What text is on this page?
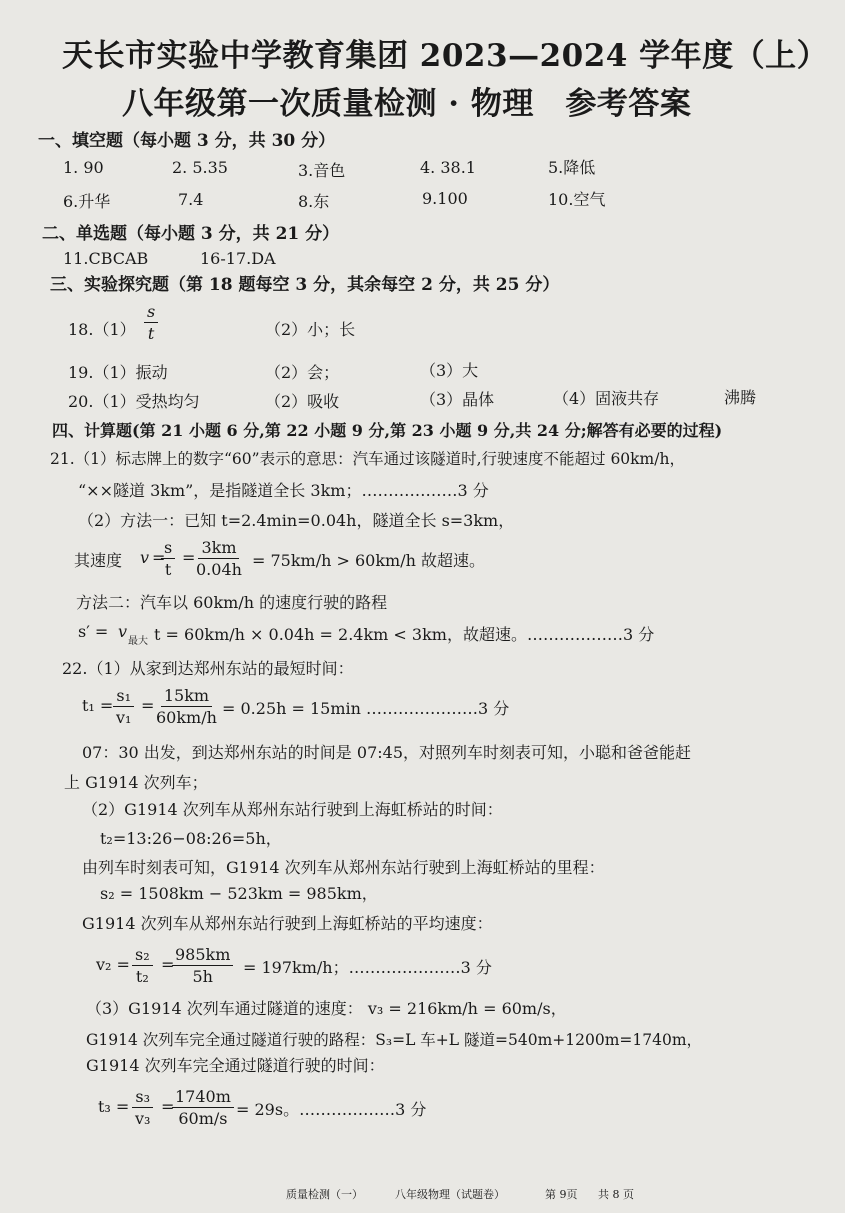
天长市实验中学教育集团 2023—2024 学年度（上）
八年级第一次质量检测 · 物理　参考答案
一、填空题（每小题 3 分，共 30 分）
1. 90	2. 5.35	3.音色	4. 38.1	5.降低
6.升华	7.4	8.东	9.100	10.空气
二、单选题（每小题 3 分，共 21 分）
11.CBCAB	16-17.DA
三、实验探究题（第 18 题每空 3 分，其余每空 2 分，共 25 分）
$18.(1) \frac{s}{t}$	（2）小；长
19.（1）振动	（2）会；	（3）大
20.（1）受热均匀	（2）吸收	（3）晶体	（4）固液共存	沸腾
四、计算题(第 21 小题 6 分,第 22 小题 9 分,第 23 小题 9 分,共 24 分;解答有必要的过程)
21.（1）标志牌上的数字“60”表示的意思：汽车通过该隧道时,行驶速度不能超过 60km/h，
“××隧道 3km”，是指隧道全长 3km；………………3 分
（2）方法一：已知 t=2.4min=0.04h，隧道全长 s=3km，
其速度 v =
$\frac{s}{t}$ =
$\frac{3km}{0.04h} = 75km/h > 60km/h$ 故超速。
方法二：汽车以 60km/h 的速度行驶的路程
s′ = v
最大 t = 60km/h × 0.04h = 2.4km < 3km，故超速。………………3 分
22.（1）从家到达郑州东站的最短时间：
$t_1 = \frac{\text{s₁}}{\text{v₁}}$ =
$\frac{15km}{60km/h} = 0.25h = 15\min$ …………………3 分
07：30 出发，到达郑州东站的时间是 07:45，对照列车时刻表可知，小聪和爸爸能赶
上 G1914 次列车；
（2）G1914 次列车从郑州东站行驶到上海虹桥站的时间：
t₂=13:26−08:26=5h，
由列车时刻表可知，G1914 次列车从郑州东站行驶到上海虹桥站的里程：
s₂ = 1508km − 523km = 985km，
G1914 次列车从郑州东站行驶到上海虹桥站的平均速度：
$v_2 = \frac{\text{s₂}}{\text{t₂}}$ =
$\frac{985km}{5h} = 197km/h$；…………………3 分
（3）G1914 次列车通过隧道的速度： v₃ = 216km/h = 60m/s，
G1914 次列车完全通过隧道行驶的路程：S₃=L 车+L 隧道=540m+1200m=1740m，
G1914 次列车完全通过隧道行驶的时间：
$t_3 = \frac{\text{s₃}}{\text{v₃}}$ =
$\frac{1740m}{60m/s} = 29s$。………………3 分
质量检测（一）	八年级物理（试题卷）	第 9页 共 8 页
